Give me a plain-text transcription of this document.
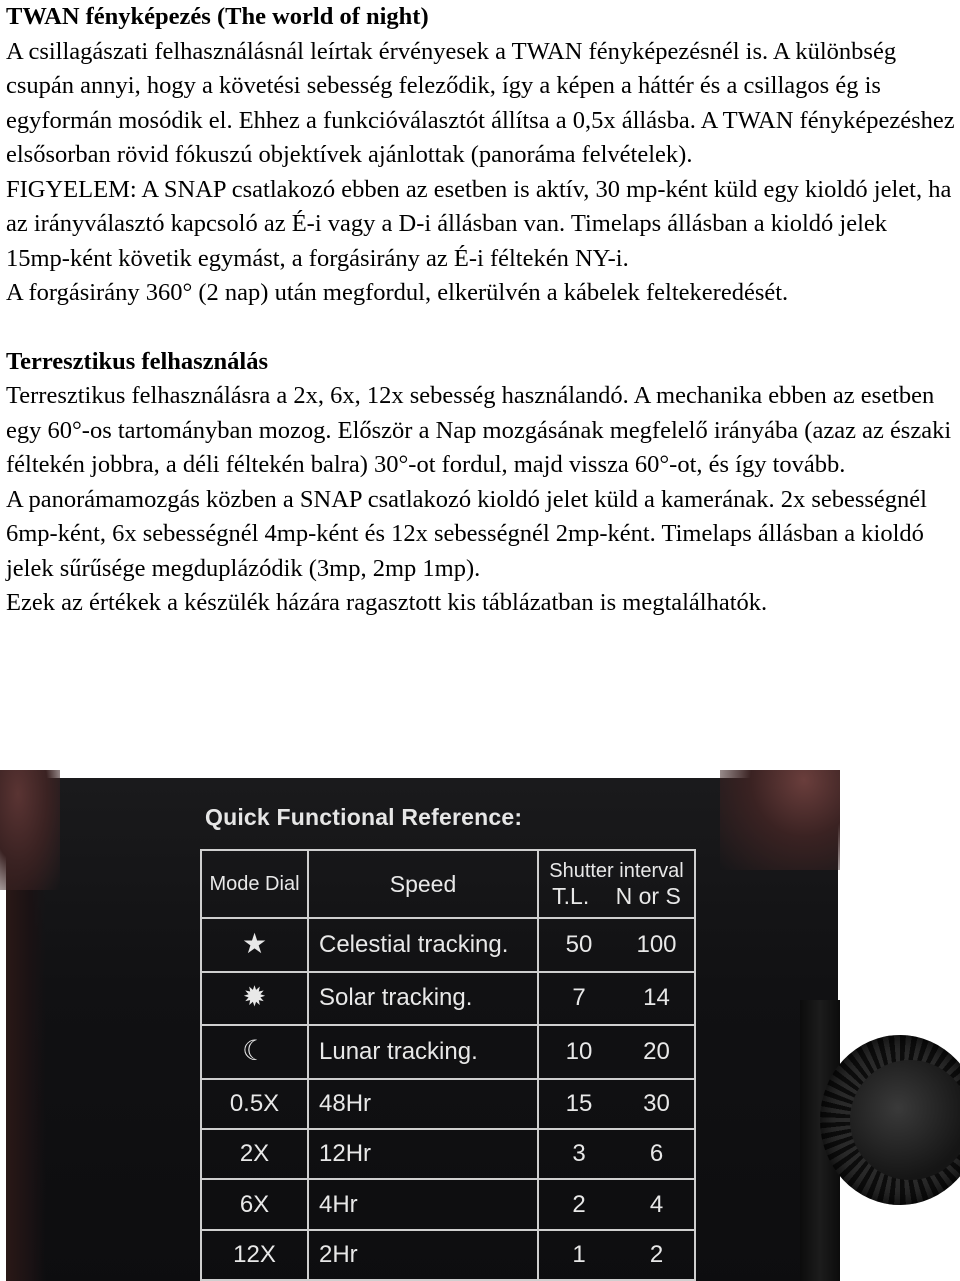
TWAN fényképezés (The world of night)

A csillagászati felhasználásnál leírtak érvényesek a TWAN fényképezésnél is. A különbség csupán annyi, hogy a követési sebesség feleződik, így a képen a háttér és a csillagos ég is egyformán mosódik el. Ehhez a funkcióválasztót állítsa a 0,5x állásba. A TWAN fényképezéshez elsősorban rövid fókuszú objektívek ajánlottak (panoráma felvételek).

FIGYELEM: A SNAP csatlakozó ebben az esetben is aktív, 30 mp-ként küld egy kioldó jelet, ha az irányválasztó kapcsoló az É-i vagy a D-i állásban van. Timelaps állásban a kioldó jelek 15mp-ként követik egymást, a forgásirány az É-i féltekén NY-i.

A forgásirány 360° (2 nap) után megfordul, elkerülvén a kábelek feltekeredését.

Terresztikus felhasználás

Terresztikus felhasználásra a 2x, 6x, 12x sebesség használandó. A mechanika ebben az esetben egy 60°-os tartományban mozog. Először a Nap mozgásának megfelelő irányába (azaz az északi féltekén jobbra, a déli féltekén balra) 30°-ot fordul, majd vissza 60°-ot, és így tovább.

A panorámamozgás közben a SNAP csatlakozó kioldó jelet küld a kamerának. 2x sebességnél 6mp-ként, 6x sebességnél 4mp-ként és 12x sebességnél 2mp-ként. Timelaps állásban a kioldó jelek sűrűsége megduplázódik (3mp, 2mp 1mp).

Ezek az értékek a készülék házára ragasztott kis táblázatban is megtalálhatók.

Quick Functional Reference:
Mode Dial	Speed	Shutter interval
T.L. N or S	

★	Celestial tracking.	50	100
✹	Solar tracking.	7	14
☾	Lunar tracking.	10	20
0.5X	48Hr	15	30
2X	12Hr	3	6
6X	4Hr	2	4
12X	2Hr	1	2
